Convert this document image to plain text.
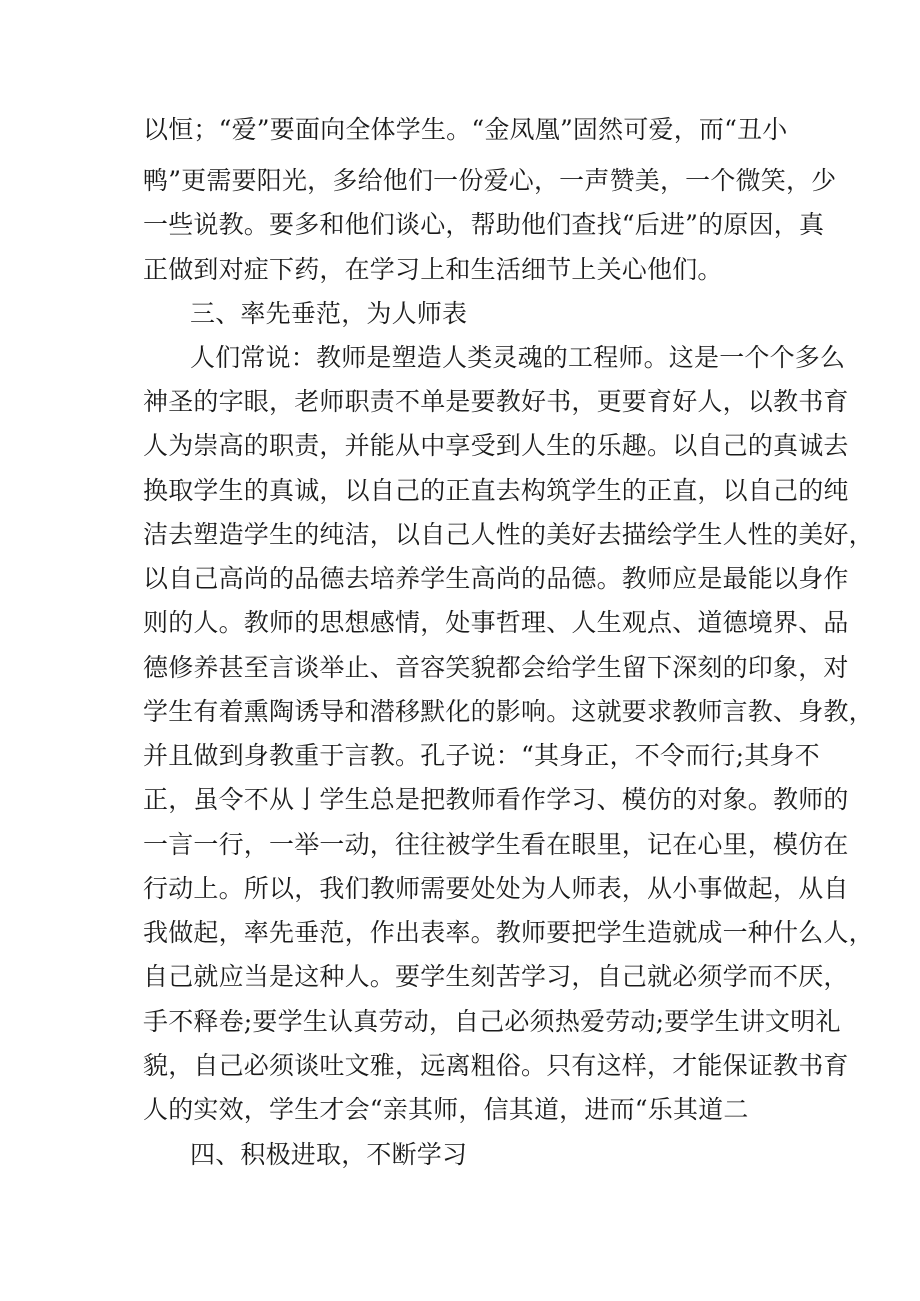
以恒；“爱”要面向全体学生。“金凤凰”固然可爱，而“丑小
鸭”更需要阳光，多给他们一份爱心，一声赞美，一个微笑，少
一些说教。要多和他们谈心，帮助他们查找“后进”的原因，真
正做到对症下药，在学习上和生活细节上关心他们。
三、率先垂范，为人师表
人们常说：教师是塑造人类灵魂的工程师。这是一个个多么
神圣的字眼，老师职责不单是要教好书，更要育好人，以教书育
人为崇高的职责，并能从中享受到人生的乐趣。以自己的真诚去
换取学生的真诚，以自己的正直去构筑学生的正直，以自己的纯
洁去塑造学生的纯洁，以自己人性的美好去描绘学生人性的美好，
以自己高尚的品德去培养学生高尚的品德。教师应是最能以身作
则的人。教师的思想感情，处事哲理、人生观点、道德境界、品
德修养甚至言谈举止、音容笑貌都会给学生留下深刻的印象，对
学生有着熏陶诱导和潜移默化的影响。这就要求教师言教、身教，
并且做到身教重于言教。孔子说：“其身正，不令而行;其身不
正，虽令不从亅学生总是把教师看作学习、模仿的对象。教师的
一言一行，一举一动，往往被学生看在眼里，记在心里，模仿在
行动上。所以，我们教师需要处处为人师表，从小事做起，从自
我做起，率先垂范，作出表率。教师要把学生造就成一种什么人，
自己就应当是这种人。要学生刻苦学习，自己就必须学而不厌，
手不释卷;要学生认真劳动，自己必须热爱劳动;要学生讲文明礼
貌，自己必须谈吐文雅，远离粗俗。只有这样，才能保证教书育
人的实效，学生才会“亲其师，信其道，进而“乐其道二
四、积极进取，不断学习
